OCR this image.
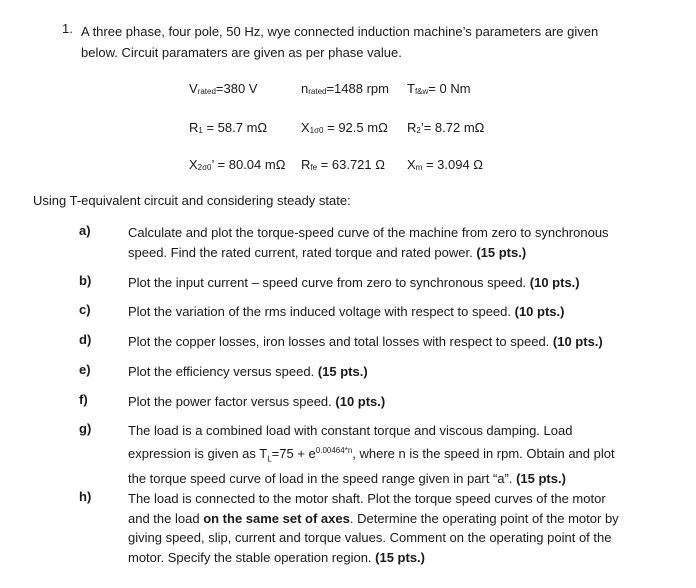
1. A three phase, four pole, 50 Hz, wye connected induction machine’s parameters are given
below. Circuit paramaters are given as per phase value.
$V_{rated}=380$ V	$n_{rated}=1488$ rpm $T_{f\&w}= 0$ Nm
$R_1 = 58.7$ mΩ	$X_{1\sigma 0} = 92.5$ mΩ $R_2’= 8.72$ mΩ
$X_{2\sigma 0}$’ = 80.04 mΩ $R_{fe} = 63.721$ Ω $X_m = 3.094$ Ω
Using T-equivalent circuit and considering steady state:
a)	Calculate and plot the torque-speed curve of the machine from zero to synchronous
speed. Find the rated current, rated torque and rated power. (15 pts.)
b)	Plot the input current – speed curve from zero to synchronous speed. (10 pts.)
c)	Plot the variation of the rms induced voltage with respect to speed. (10 pts.)
d)	Plot the copper losses, iron losses and total losses with respect to speed. (10 pts.)
e)	Plot the efficiency versus speed. (15 pts.)
f)	Plot the power factor versus speed. (10 pts.)
g)	The load is a combined load with constant torque and viscous damping. Load
expression is given as $T_L=75 + e^{0.00464*n}$, where n is the speed in rpm. Obtain and plot
the torque speed curve of load in the speed range given in part “a”. (15 pts.)
h)	The load is connected to the motor shaft. Plot the torque speed curves of the motor
and the load on the same set of axes. Determine the operating point of the motor by
giving speed, slip, current and torque values. Comment on the operating point of the
motor. Specify the stable operation region. (15 pts.)
